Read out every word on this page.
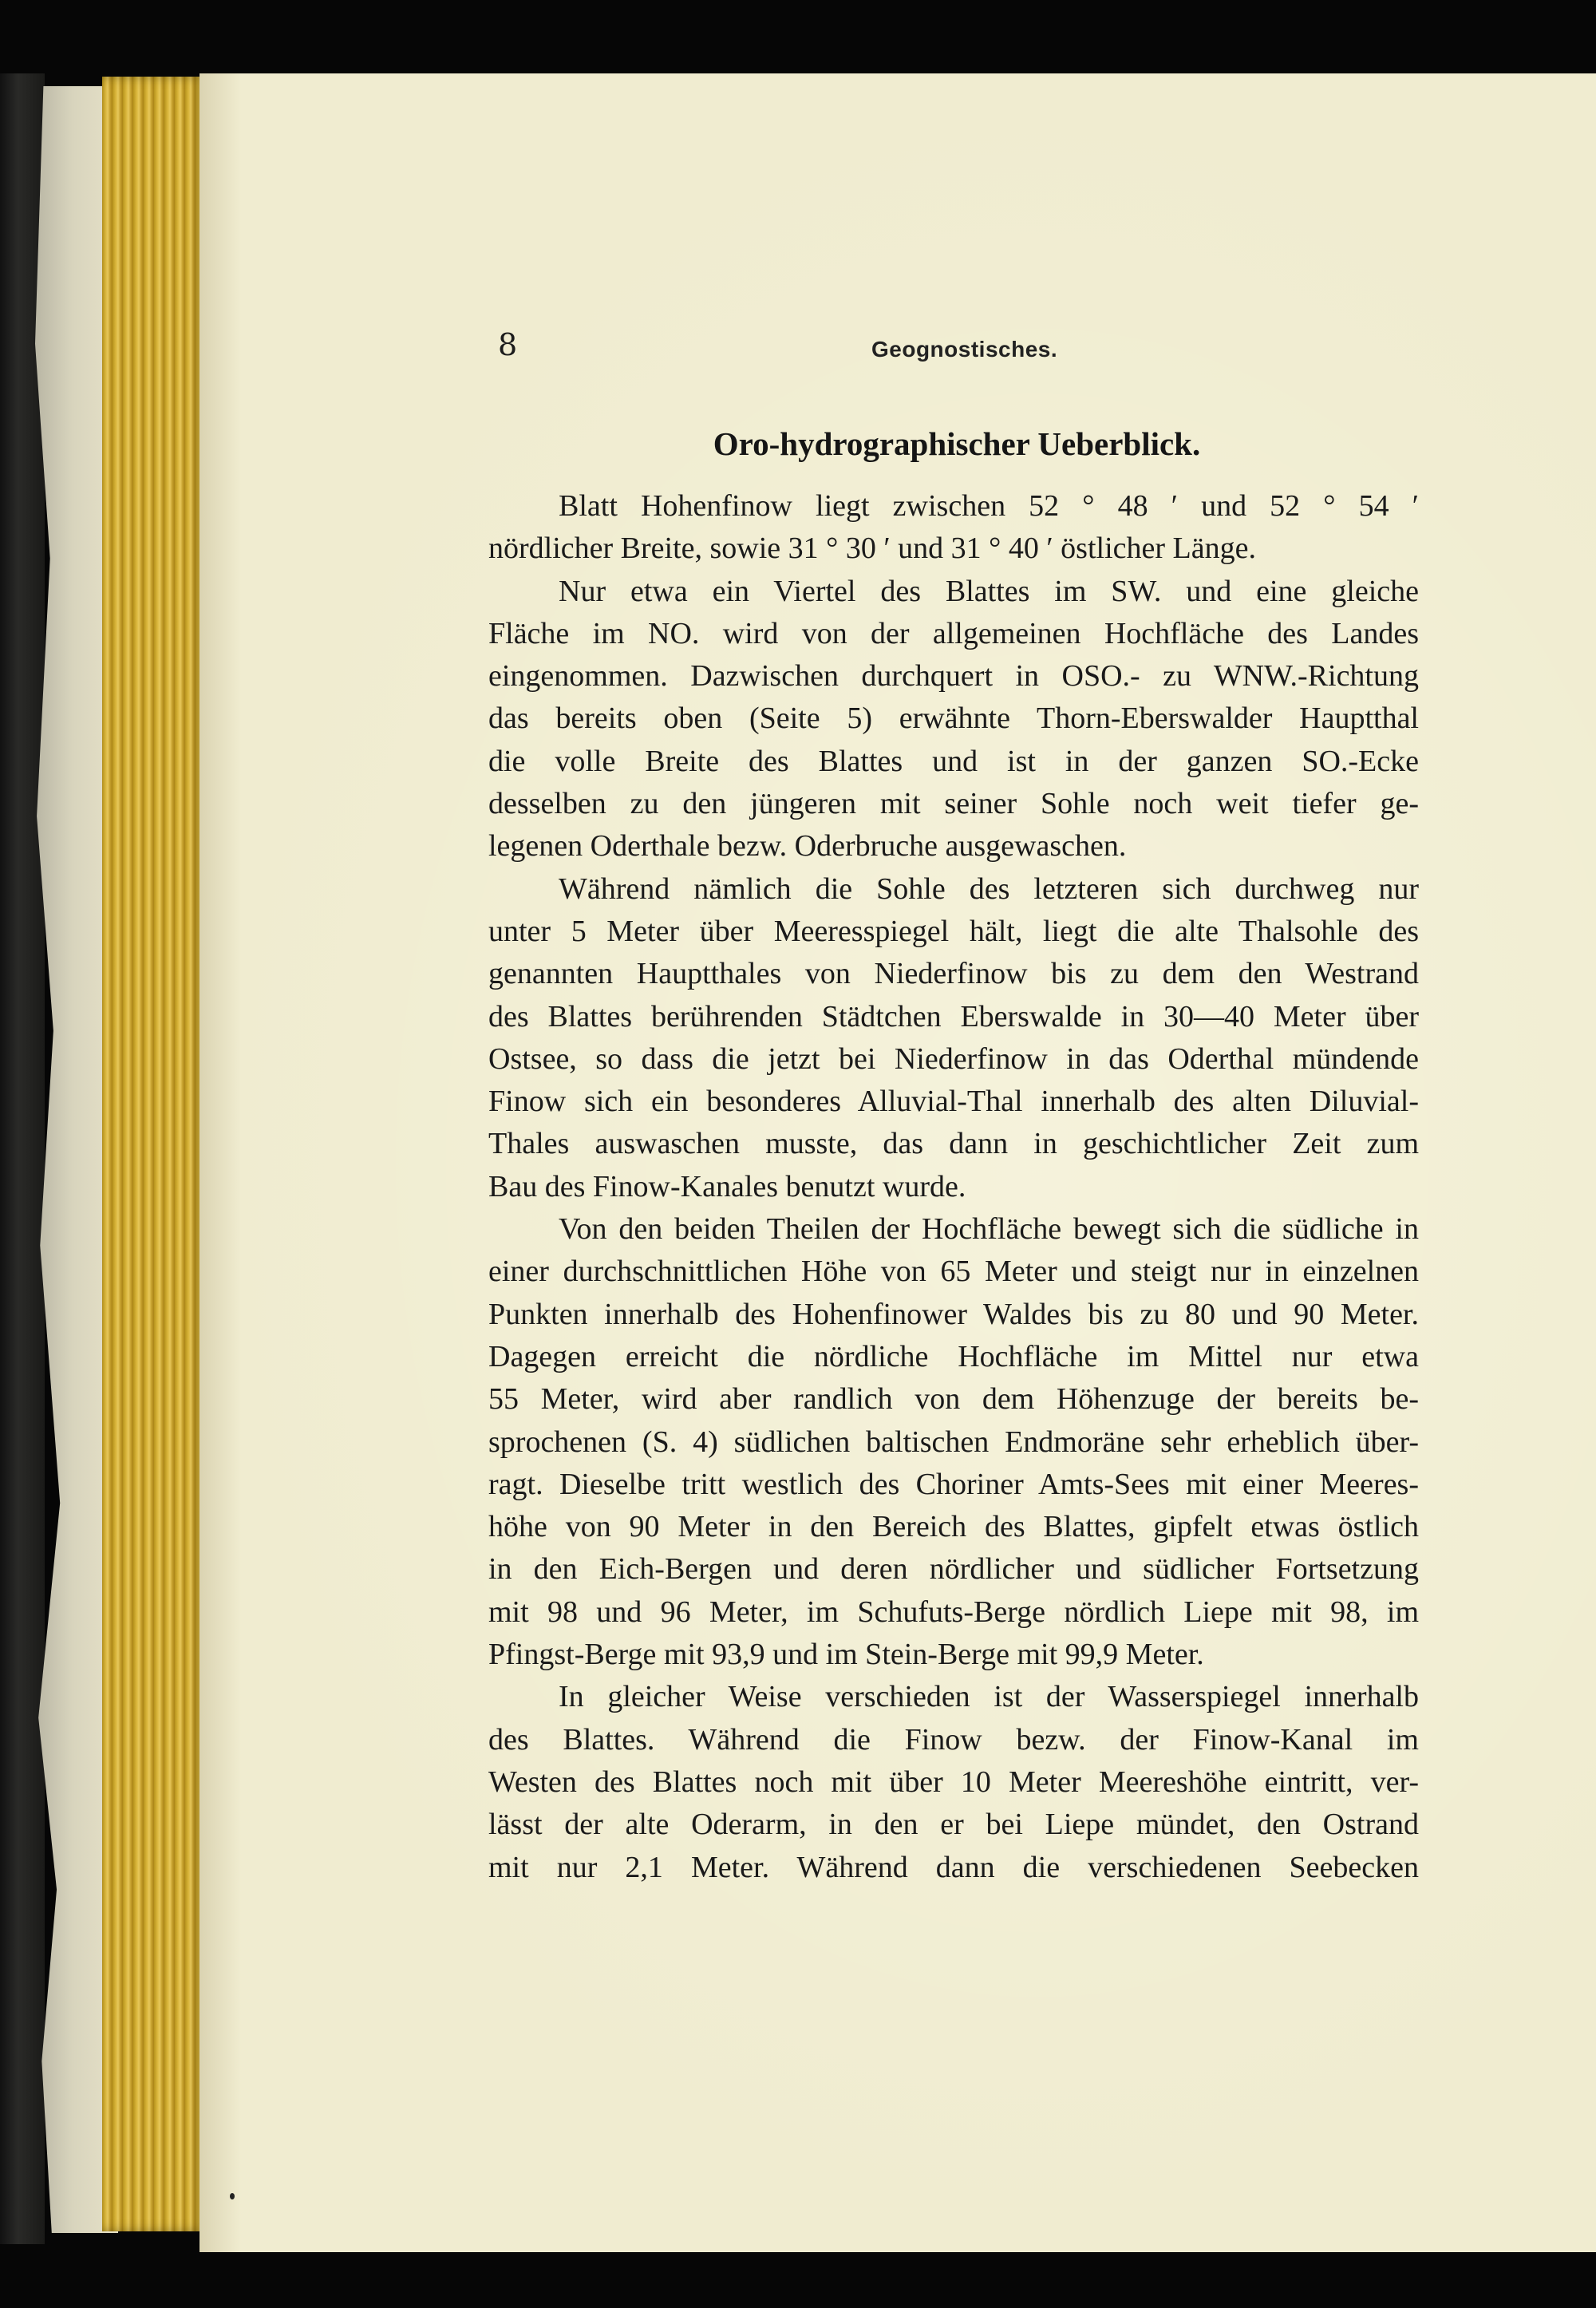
8	Geognostisches.
Oro-hydrographischer Ueberblick.
Blatt Hohenfinow liegt zwischen 52 ° 48 ′ und 52 ° 54 ′
nördlicher Breite, sowie 31 ° 30 ′ und 31 ° 40 ′ östlicher Länge.
Nur etwa ein Viertel des Blattes im SW. und eine gleiche
Fläche im NO. wird von der allgemeinen Hochfläche des Landes
eingenommen. Dazwischen durchquert in OSO.- zu WNW.-Richtung
das bereits oben (Seite 5) erwähnte Thorn-Eberswalder Hauptthal
die volle Breite des Blattes und ist in der ganzen SO.-Ecke
desselben zu den jüngeren mit seiner Sohle noch weit tiefer ge-
legenen Oderthale bezw. Oderbruche ausgewaschen.
Während nämlich die Sohle des letzteren sich durchweg nur
unter 5 Meter über Meeresspiegel hält, liegt die alte Thalsohle des
genannten Hauptthales von Niederfinow bis zu dem den Westrand
des Blattes berührenden Städtchen Eberswalde in 30—40 Meter über
Ostsee, so dass die jetzt bei Niederfinow in das Oderthal mündende
Finow sich ein besonderes Alluvial-Thal innerhalb des alten Diluvial-
Thales auswaschen musste, das dann in geschichtlicher Zeit zum
Bau des Finow-Kanales benutzt wurde.
Von den beiden Theilen der Hochfläche bewegt sich die südliche in
einer durchschnittlichen Höhe von 65 Meter und steigt nur in einzelnen
Punkten innerhalb des Hohenfinower Waldes bis zu 80 und 90 Meter.
Dagegen erreicht die nördliche Hochfläche im Mittel nur etwa
55 Meter, wird aber randlich von dem Höhenzuge der bereits be-
sprochenen (S. 4) südlichen baltischen Endmoräne sehr erheblich über-
ragt. Dieselbe tritt westlich des Choriner Amts-Sees mit einer Meeres-
höhe von 90 Meter in den Bereich des Blattes, gipfelt etwas östlich
in den Eich-Bergen und deren nördlicher und südlicher Fortsetzung
mit 98 und 96 Meter, im Schufuts-Berge nördlich Liepe mit 98, im
Pfingst-Berge mit 93,9 und im Stein-Berge mit 99,9 Meter.
In gleicher Weise verschieden ist der Wasserspiegel innerhalb
des Blattes. Während die Finow bezw. der Finow-Kanal im
Westen des Blattes noch mit über 10 Meter Meereshöhe eintritt, ver-
lässt der alte Oderarm, in den er bei Liepe mündet, den Ostrand
mit nur 2,1 Meter. Während dann die verschiedenen Seebecken
